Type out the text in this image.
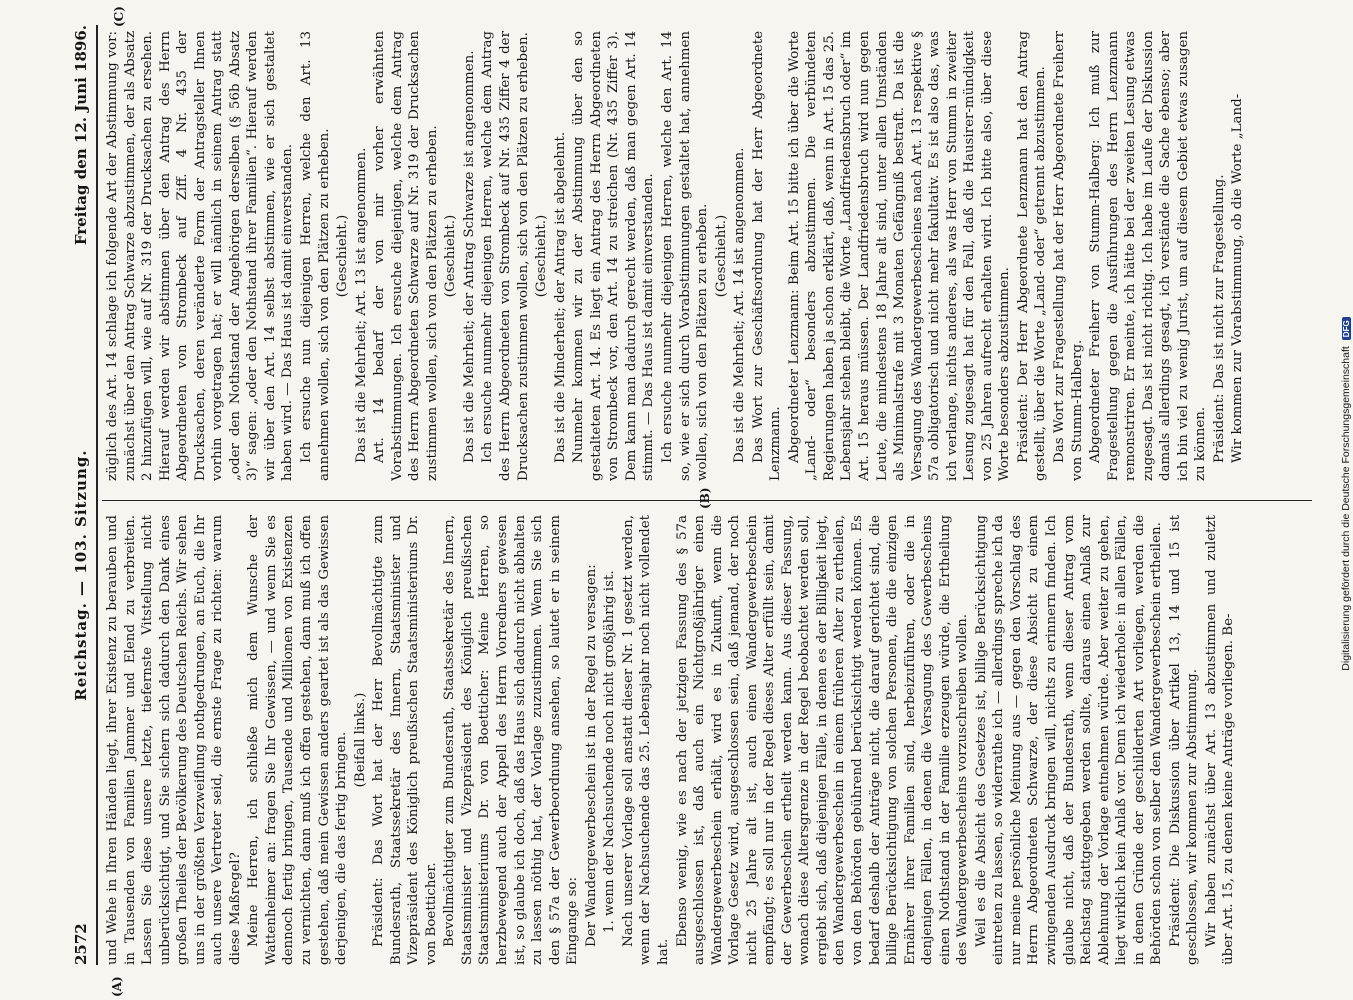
2572
Reichstag. — 103. Sitzung.
Freitag den 12. Juni 1896.
(A)
(B)
(C)

und Wehe in Ihren Händen liegt, ihrer Existenz zu berauben und in Tausenden von Familien Jammer und Elend zu verbreiten. Lassen Sie diese unsere letzte, tiefernste Vitstellung nicht unberücksichtigt, und Sie sichern sich dadurch den Dank eines großen Theiles der Bevölkerung des Deutschen Reichs. Wir sehen uns in der größten Verzweiflung nothgedrungen, an Euch, die Ihr auch unsere Vertreter seid, die ernste Frage zu richten: warum diese Maßregel? Meine Herren, ich schließe mich dem Wunsche der Wattenheimer an: fragen Sie Ihr Gewissen, — und wenn Sie es dennoch fertig bringen, Tausende und Millionen von Existenzen zu vernichten, dann muß ich offen gestehen, dann muß ich offen gestehen, daß mein Gewissen anders geartet ist als das Gewissen derjenigen, die das fertig bringen. (Beifall links.) Präsident: Das Wort hat der Herr Bevollmächtigte zum Bundesrath, Staatssekretär des Innern, Staatsminister und Vizepräsident des Königlich preußischen Staatsministeriums Dr. von Boetticher. Bevollmächtigter zum Bundesrath, Staatssekretär des Innern, Staatsminister und Vizepräsident des Königlich preußischen Staatsministeriums Dr. von Boetticher: Meine Herren, so herzbewegend auch der Appell des Herrn Vorredners gewesen ist, so glaube ich doch, daß das Haus sich dadurch nicht abhalten zu lassen nöthig hat, der Vorlage zuzustimmen. Wenn Sie sich den § 57a der Gewerbeordnung ansehen, so lautet er in seinem Eingange so: Der Wandergewerbeschein ist in der Regel zu versagen: 1. wenn der Nachsuchende noch nicht großjährig ist. Nach unserer Vorlage soll anstatt dieser Nr. 1 gesetzt werden, wenn der Nachsuchende das 25. Lebensjahr noch nicht vollendet hat.

Ebenso wenig, wie es nach der jetzigen Fassung des § 57a ausgeschlossen ist, daß auch ein Nichtgroßjähriger einen Wandergewerbeschein erhält, wird es in Zukunft, wenn die Vorlage Gesetz wird, ausgeschlossen sein, daß jemand, der noch nicht 25 Jahre alt ist, auch einen Wandergewerbeschein empfängt; es soll nur in der Regel dieses Alter erfüllt sein, damit der Gewerbeschein ertheilt werden kann. Aus dieser Fassung, wonach diese Altersgrenze in der Regel beobachtet werden soll, ergiebt sich, daß diejenigen Fälle, in denen es der Billigkeit liegt, den Wandergewerbeschein in einem früheren Alter zu ertheilen, von den Behörden gebührend berücksichtigt werden können. Es bedarf deshalb der Anträge nicht, die darauf gerichtet sind, die billige Berücksichtigung von solchen Personen, die die einzigen Ernährer ihrer Familien sind, herbeizuführen, oder die in denjenigen Fällen, in denen die Versagung des Gewerbescheins einen Nothstand in der Familie erzeugen würde, die Ertheilung des Wandergewerbescheins vorzuschreiben wollen. Weil es die Absicht des Gesetzes ist, billige Berücksichtigung eintreten zu lassen, so widerrathe ich — allerdings spreche ich da nur meine persönliche Meinung aus — gegen den Vorschlag des Herrn Abgeordneten Schwarze, der diese Absicht zu einem zwingenden Ausdruck bringen will, nichts zu erinnern finden. Ich glaube nicht, daß der Bundesrath, wenn dieser Antrag vom Reichstag stattgegeben werden sollte, daraus einen Anlaß zur Ablehnung der Vorlage entnehmen würde. Aber weiter zu gehen, liegt wirklich kein Anlaß vor. Denn ich wiederhole: in allen Fällen, in denen Gründe der geschilderten Art vorliegen, werden die Behörden schon von selber den Wandergewerbeschein ertheilen. Präsident: Die Diskussion über Artikel 13, 14 und 15 ist geschlossen, wir kommen zur Abstimmung. Wir haben zunächst über Art. 13 abzustimmen und zuletzt über Art. 15, zu denen keine Anträge vorliegen. Be-

züglich des Art. 14 schlage ich folgende Art der Abstimmung vor: zunächst über den Antrag Schwarze abzustimmen, der als Absatz 2 hinzufügen will, wie auf Nr. 319 der Drucksachen zu ersehen. Hierauf werden wir abstimmen über den Antrag des Herrn Abgeordneten von Strombeck auf Ziff. 4 Nr. 435 der Drucksachen, deren veränderte Form der Antragsteller Ihnen vorhin vorgetragen hat; er will nämlich in seinem Antrag statt „oder den Nothstand der Angehörigen derselben (§ 56b Absatz 3)“ sagen: „oder den Nothstand ihrer Familien“. Hierauf werden wir über den Art. 14 selbst abstimmen, wie er sich gestaltet haben wird. — Das Haus ist damit einverstanden. Ich ersuche nun diejenigen Herren, welche den Art. 13 annehmen wollen, sich von den Plätzen zu erheben. (Geschieht.) Das ist die Mehrheit; Art. 13 ist angenommen. Art. 14 bedarf der von mir vorher erwähnten Vorabstimmungen. Ich ersuche diejenigen, welche dem Antrag des Herrn Abgeordneten Schwarze auf Nr. 319 der Drucksachen zustimmen wollen, sich von den Plätzen zu erheben. (Geschieht.) Das ist die Mehrheit; der Antrag Schwarze ist angenommen. Ich ersuche nunmehr diejenigen Herren, welche dem Antrag des Herrn Abgeordneten von Strombeck auf Nr. 435 Ziffer 4 der Drucksachen zustimmen wollen, sich von den Plätzen zu erheben. (Geschieht.) Das ist die Minderheit; der Antrag ist abgelehnt. Nunmehr kommen wir zu der Abstimmung über den so gestalteten Art. 14. Es liegt ein Antrag des Herrn Abgeordneten von Strombeck vor, den Art. 14 zu streichen (Nr. 435 Ziffer 3). Dem kann man dadurch gerecht werden, daß man gegen Art. 14 stimmt. — Das Haus ist damit einverstanden. Ich ersuche nunmehr diejenigen Herren, welche den Art. 14 so, wie er sich durch Vorabstimmungen gestaltet hat, annehmen wollen, sich von den Plätzen zu erheben. (Geschieht.) Das ist die Mehrheit; Art. 14 ist angenommen. Das Wort zur Geschäftsordnung hat der Herr Abgeordnete Lenzmann. Abgeordneter Lenzmann: Beim Art. 15 bitte ich über die Worte „Land- oder“ besonders abzustimmen. Die verbündeten Regierungen haben ja schon erklärt, daß, wenn in Art. 15 das 25. Lebensjahr stehen bleibt, die Worte „Landfriedensbruch oder“ im Art. 15 heraus müssen. Der Landfriedensbruch wird nun gegen Leute, die mindestens 18 Jahre alt sind, unter allen Umständen als Minimalstrafe mit 3 Monaten Gefängniß bestraft. Da ist die Versagung des Wandergewerbescheines nach Art. 13 respektive § 57a obligatorisch und nicht mehr fakultativ. Es ist also das, was ich verlange, nichts anderes, als was Herr von Stumm in zweiter Lesung zugesagt hat für den Fall, daß die Hausirer-mündigkeit von 25 Jahren aufrecht erhalten wird. Ich bitte also, über diese Worte besonders abzustimmen. Präsident: Der Herr Abgeordnete Lenzmann hat den Antrag gestellt, über die Worte „Land- oder“ getrennt abzustimmen. Das Wort zur Fragestellung hat der Herr Abgeordnete Freiherr von Stumm-Halberg. Abgeordneter Freiherr von Stumm-Halberg: Ich muß zur Fragestellung gegen die Ausführungen des Herrn Lenzmann remonstriren. Er meinte, ich hätte bei der zweiten Lesung etwas zugesagt. Das ist nicht richtig. Ich habe im Laufe der Diskussion damals allerdings gesagt, ich verstände die Sache ebenso; aber ich bin viel zu wenig Jurist, um auf diesem Gebiet etwas zusagen zu können. Präsident: Das ist nicht zur Fragestellung. Wir kommen zur Vorabstimmung, ob die Worte „Land-

Digitalisierung gefördert durch die Deutsche Forschungsgemeinschaft
DFG
